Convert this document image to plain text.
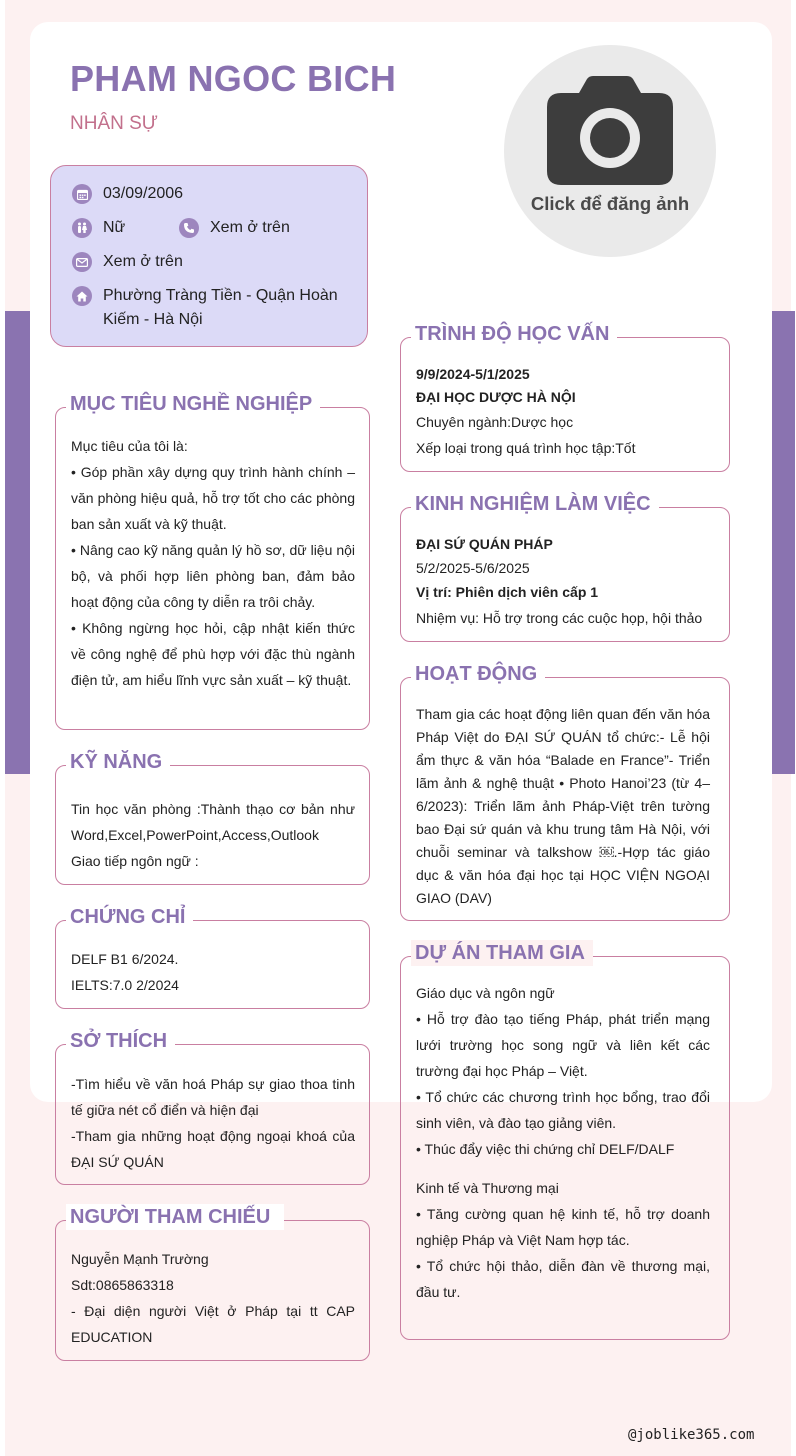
PHAM NGOC BICH
NHÂN SỰ
Click để đăng ảnh
03/09/2006
Nữ	Xem ở trên
Xem ở trên
Phường Tràng Tiền - Quận Hoàn Kiếm - Hà Nội
MỤC TIÊU NGHỀ NGHIỆP

Mục tiêu của tôi là:

• Góp phần xây dựng quy trình hành chính – văn phòng hiệu quả, hỗ trợ tốt cho các phòng ban sản xuất và kỹ thuật.

• Nâng cao kỹ năng quản lý hồ sơ, dữ liệu nội bộ, và phối hợp liên phòng ban, đảm bảo hoạt động của công ty diễn ra trôi chảy.

• Không ngừng học hỏi, cập nhật kiến thức về công nghệ để phù hợp với đặc thù ngành điện tử, am hiểu lĩnh vực sản xuất – kỹ thuật.

KỸ NĂNG

Tin học văn phòng :Thành thạo cơ bản như Word,Excel,PowerPoint,Access,Outlook

Giao tiếp ngôn ngữ :

CHỨNG CHỈ

DELF B1 6/2024.

IELTS:7.0 2/2024

SỞ THÍCH

-Tìm hiểu về văn hoá Pháp sự giao thoa tinh tế giữa nét cổ điển và hiện đại

-Tham gia những hoạt động ngoại khoá của ĐẠI SỨ QUÁN

NGƯỜI THAM CHIẾU

Nguyễn Mạnh Trường

Sdt:0865863318

- Đại diện người Việt ở Pháp tại tt CAP EDUCATION

TRÌNH ĐỘ HỌC VẤN

9/9/2024-5/1/2025

ĐẠI HỌC DƯỢC HÀ NỘI

Chuyên ngành:Dược học

Xếp loại trong quá trình học tập:Tốt

KINH NGHIỆM LÀM VIỆC

ĐẠI SỨ QUÁN PHÁP

5/2/2025-5/6/2025

Vị trí: Phiên dịch viên cấp 1

Nhiệm vụ: Hỗ trợ trong các cuộc họp, hội thảo

HOẠT ĐỘNG

Tham gia các hoạt động liên quan đến văn hóa Pháp Việt do ĐẠI SỨ QUÁN tổ chức:- Lễ hội ẩm thực & văn hóa “Balade en France”- Triển lãm ảnh & nghệ thuật • Photo Hanoi’23 (từ 4–6/2023): Triển lãm ảnh Pháp-Việt trên tường bao Đại sứ quán và khu trung tâm Hà Nội, với chuỗi seminar và talkshow ￼.-Hợp tác giáo dục & văn hóa đại học tại HỌC VIỆN NGOẠI GIAO (DAV)

DỰ ÁN THAM GIA

Giáo dục và ngôn ngữ

• Hỗ trợ đào tạo tiếng Pháp, phát triển mạng lưới trường học song ngữ và liên kết các trường đại học Pháp – Việt.

• Tổ chức các chương trình học bổng, trao đổi sinh viên, và đào tạo giảng viên.

• Thúc đẩy việc thi chứng chỉ DELF/DALF

Kinh tế và Thương mại

• Tăng cường quan hệ kinh tế, hỗ trợ doanh nghiệp Pháp và Việt Nam hợp tác.

• Tổ chức hội thảo, diễn đàn về thương mại, đầu tư.

@joblike365.com
